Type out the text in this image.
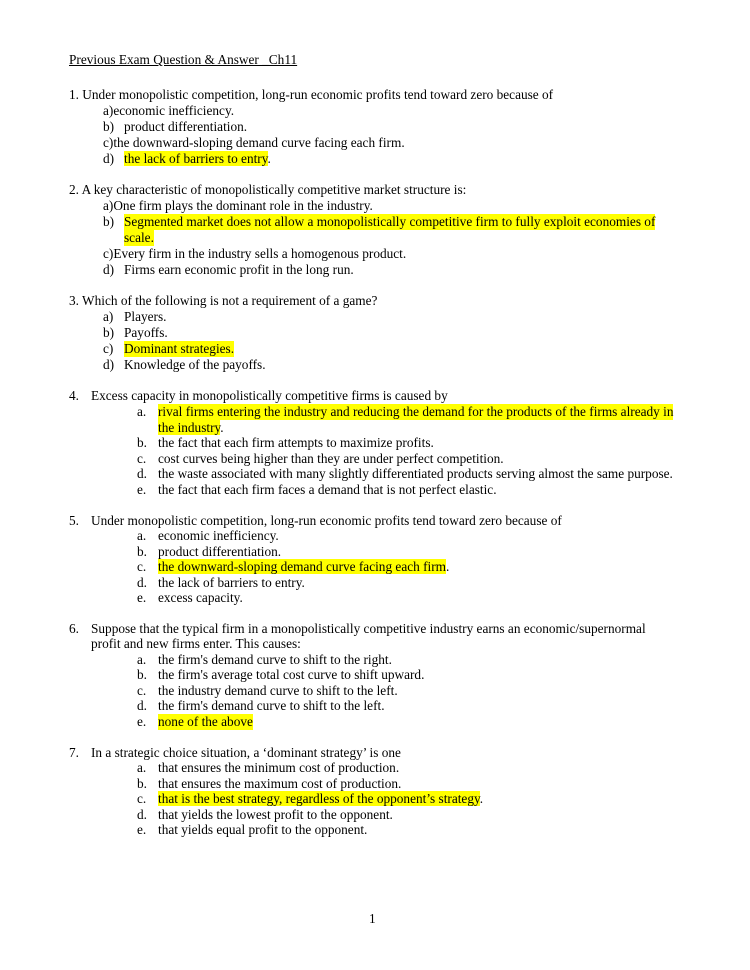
Previous Exam Question & Answer _Ch11
1. Under monopolistic competition, long-run economic profits tend toward zero because of
a)economic inefficiency.
b) product differentiation.
c)the downward-sloping demand curve facing each firm.
d) the lack of barriers to entry.
2. A key characteristic of monopolistically competitive market structure is:
a)One firm plays the dominant role in the industry.
b) Segmented market does not allow a monopolistically competitive firm to fully exploit economies of
scale.
c)Every firm in the industry sells a homogenous product.
d) Firms earn economic profit in the long run.
3. Which of the following is not a requirement of a game?
a) Players.
b) Payoffs.
c) Dominant strategies.
d) Knowledge of the payoffs.
4. Excess capacity in monopolistically competitive firms is caused by
a. rival firms entering the industry and reducing the demand for the products of the firms already in
the industry.
b. the fact that each firm attempts to maximize profits.
c. cost curves being higher than they are under perfect competition.
d. the waste associated with many slightly differentiated products serving almost the same purpose.
e. the fact that each firm faces a demand that is not perfect elastic.
5. Under monopolistic competition, long-run economic profits tend toward zero because of
a. economic inefficiency.
b. product differentiation.
c. the downward-sloping demand curve facing each firm.
d. the lack of barriers to entry.
e. excess capacity.
6. Suppose that the typical firm in a monopolistically competitive industry earns an economic/supernormal
profit and new firms enter. This causes:
a. the firm's demand curve to shift to the right.
b. the firm's average total cost curve to shift upward.
c. the industry demand curve to shift to the left.
d. the firm's demand curve to shift to the left.
e. none of the above
7. In a strategic choice situation, a ‘dominant strategy’ is one
a. that ensures the minimum cost of production.
b. that ensures the maximum cost of production.
c. that is the best strategy, regardless of the opponent’s strategy.
d. that yields the lowest profit to the opponent.
e. that yields equal profit to the opponent.
1
